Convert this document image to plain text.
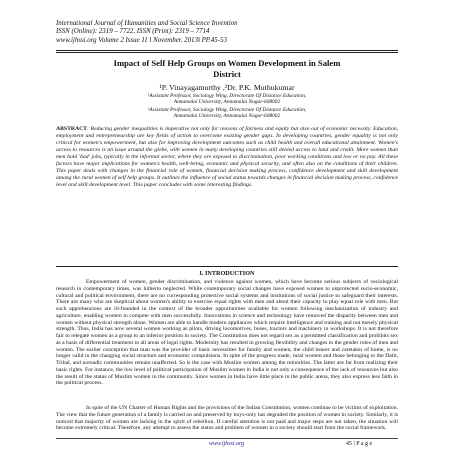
International Journal of Humanities and Social Science Invention
ISSN (Online): 2319 – 7722, ISSN (Print): 2319 – 7714
www.ijhssi.org Volume 2 Issue 11 ǁ November. 2013ǁ PP.45-53
Impact of Self Help Groups on Women Development in Salem
District
¹P. Vinayagamurthy ,²Dr. P.K. Muthukumar
¹Assistant Professor, Sociology Wing, Directorate Of Distance Education,
Annamalai University, Annamalai Nagar-608002
²Assistant Professor, Sociology Wing, Directorate Of Distance Education,
Annamalai University, Annamalai Nagar-608002
ABSTRACT: Reducing gender inequalities is imperative not only for reasons of fairness and equity but also out of economic necessity. Education, employment and entrepreneurship are key fields of action to overcome existing gender gaps. In developing countries, gender equality is not only critical for women's empowerment, but also for improving development outcomes such as child health and overall educational attainment. Women's access to resources is an issue around the globe, with women in many developing countries still denied access to land and credit. More women than men hold 'bad' jobs, typically in the informal sector, where they are exposed to discrimination, poor working conditions and low or no pay. All these factors have major implications for women's health, well-being, economic and physical security, and often also on the conditions of their children. This paper deals with changes in the financial role of women, financial decision making process, confidence development and skill development among the rural women of self help groups. It outlines the influence of social status towards changes in financial decision making process, confidence level and skill development level. This paper concludes with some interesting findings.
I. INTRODUCTION
Empowerment of women, gender discrimination, and violence against women, which have become serious subjects of sociological research in contemporary times, was hitherto neglected. While contemporary social changes have exposed women to unprotected socio-economic, cultural and political environment, there are no corresponding protective social systems and institutions of social justice to safeguard their interests. There are many who are skeptical about women's ability to exercise equal rights with men and about their capacity to play equal role with men. But such apprehensions are ill-founded in the context of the broader opportunities available for women following mechanization of industry and agriculture, enabling women to compete with men successfully. Innovations in science and technology have removed the disparity between men and women without physical strength alone. Women are able to handle modern appliances which require intelligence and training and not merely physical strength. Thus, India has now several women working as pilots, driving locomotives, buses, tractors and machinery in workshops. It is not therefore fair to relegate women as a group to an inferior position in society. The Constitution does not regard sex as a permitted classification and prohibits sex as a basis of differential treatment in all areas of legal rights. Modernity has resulted in growing flexibility and changes in the gender roles of men and women. The earlier conception that man was the provider of basic necessities for family and women, the child bearer and caretaker of home, is no longer valid in the changing social structure and economic compulsions. In spite of the progress made, rural women and those belonging to the Dalit, Tribal, and nomadic communities remain unaffected. So is the case with Muslim women among the minorities. The latter are far from realizing their basic rights. For instance, the low level of political participation of Muslim women in India is not only a consequence of the lack of resources but also the result of the status of Muslim women in the community. Since women in India have little place in the public arena, they also express less faith in the political process.
In spite of the UN Charter of Human Rights and the provisions of the Indian Constitution, women continue to be victims of exploitation. The view that the future generation of a family is carried on and preserved by boys-only has degraded the position of women in society. Similarly, it is noticed that majority of women are lacking in the spirit of rebellion. If careful attention is not paid and major steps are not taken, the situation will become extremely critical. Therefore, any attempt to assess the status and problem of women in a society should start from the social framework.
www.ijhssi.org	45 | P a g e
